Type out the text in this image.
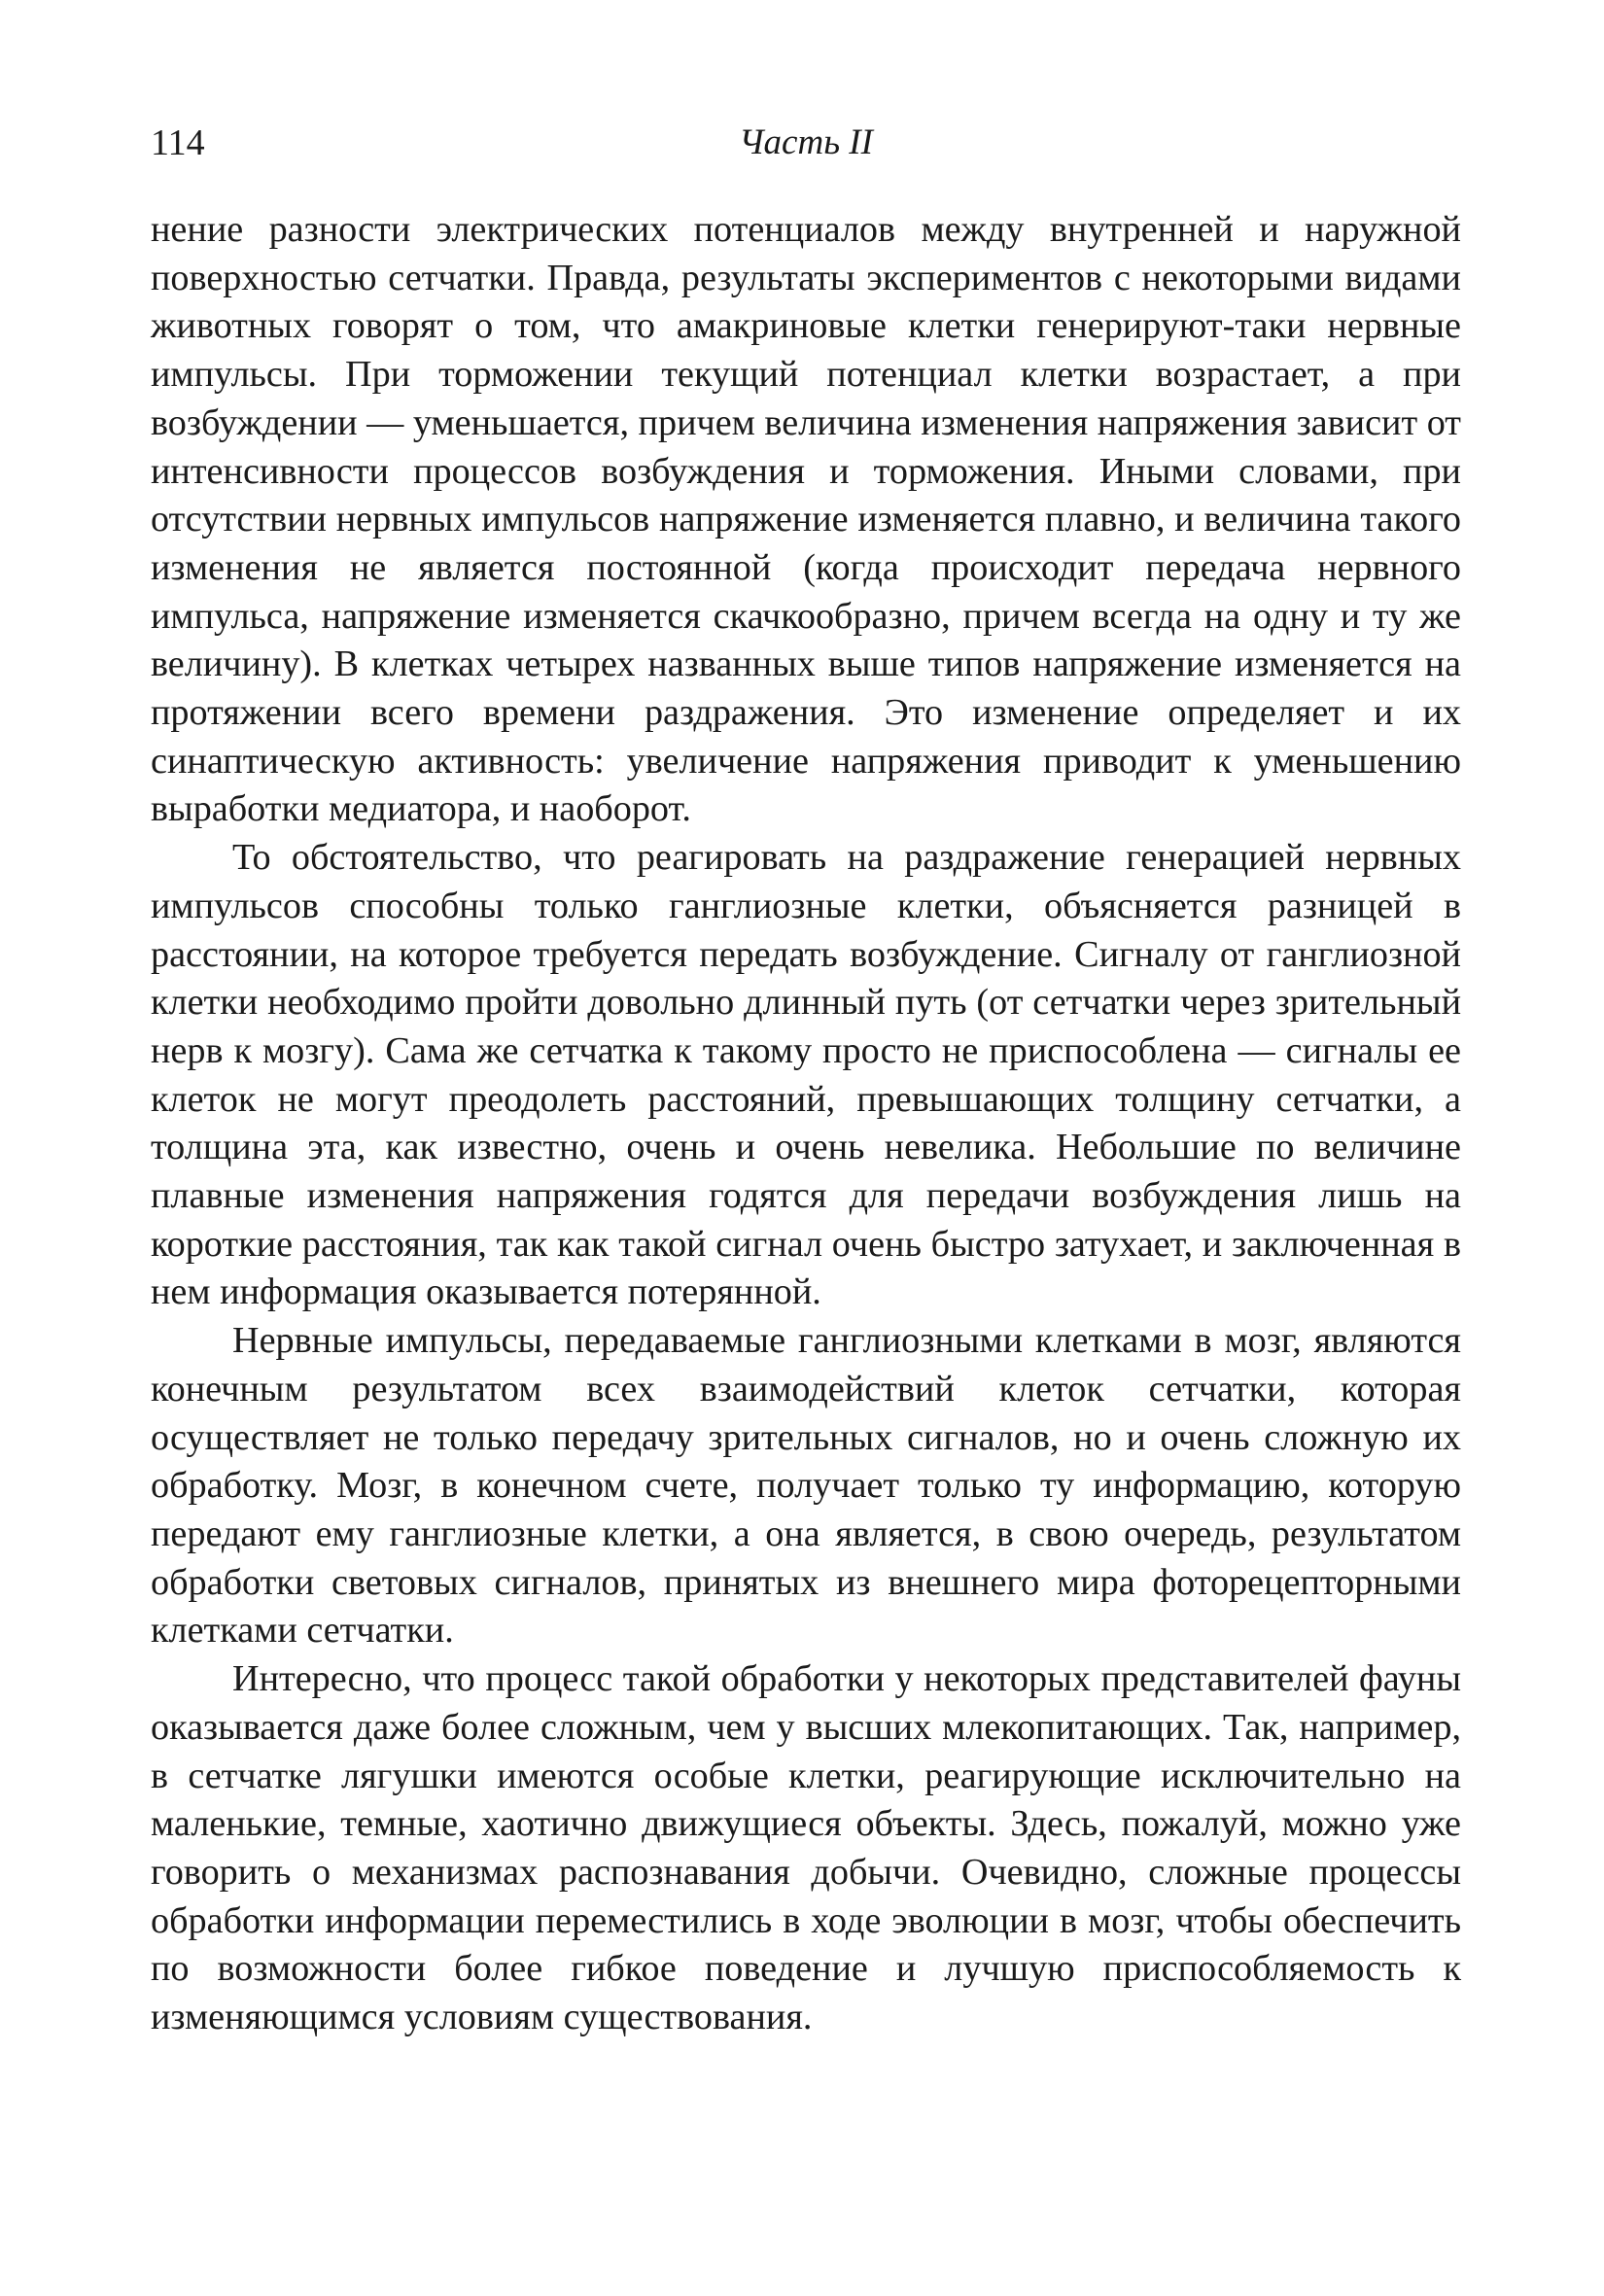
114	Часть II

нение разности электрических потенциалов между внутренней и наружной поверхностью сетчатки. Правда, результаты экспериментов с некоторыми видами животных говорят о том, что амакриновые клетки генерируют-таки нервные импульсы. При торможении текущий потенциал клетки возрастает, а при возбуждении — уменьшается, причем величина изменения напряжения зависит от интенсивности процессов возбуждения и торможения. Иными словами, при отсутствии нервных импульсов напряжение изменяется плавно, и величина такого изменения не является постоянной (когда происходит передача нервного импульса, напряжение изменяется скачкообразно, причем всегда на одну и ту же величину). В клетках четырех названных выше типов напряжение изменяется на протяжении всего времени раздражения. Это изменение определяет и их синаптическую активность: увеличение напряжения приводит к уменьшению выработки медиатора, и наоборот.

То обстоятельство, что реагировать на раздражение генерацией нервных импульсов способны только ганглиозные клетки, объясняется разницей в расстоянии, на которое требуется передать возбуждение. Сигналу от ганглиозной клетки необходимо пройти довольно длинный путь (от сетчатки через зрительный нерв к мозгу). Сама же сетчатка к такому просто не приспособлена — сигналы ее клеток не могут преодолеть расстояний, превышающих толщину сетчатки, а толщина эта, как известно, очень и очень невелика. Небольшие по величине плавные изменения напряжения годятся для передачи возбуждения лишь на короткие расстояния, так как такой сигнал очень быстро затухает, и заключенная в нем информация оказывается потерянной.

Нервные импульсы, передаваемые ганглиозными клетками в мозг, являются конечным результатом всех взаимодействий клеток сетчатки, которая осуществляет не только передачу зрительных сигналов, но и очень сложную их обработку. Мозг, в конечном счете, получает только ту информацию, которую передают ему ганглиозные клетки, а она является, в свою очередь, результатом обработки световых сигналов, принятых из внешнего мира фоторецепторными клетками сетчатки.

Интересно, что процесс такой обработки у некоторых представителей фауны оказывается даже более сложным, чем у высших млекопитающих. Так, например, в сетчатке лягушки имеются особые клетки, реагирующие исключительно на маленькие, темные, хаотично движущиеся объекты. Здесь, пожалуй, можно уже говорить о механизмах распознавания добычи. Очевидно, сложные процессы обработки информации переместились в ходе эволюции в мозг, чтобы обеспечить по возможности более гибкое поведение и лучшую приспособляемость к изменяющимся условиям существования.
